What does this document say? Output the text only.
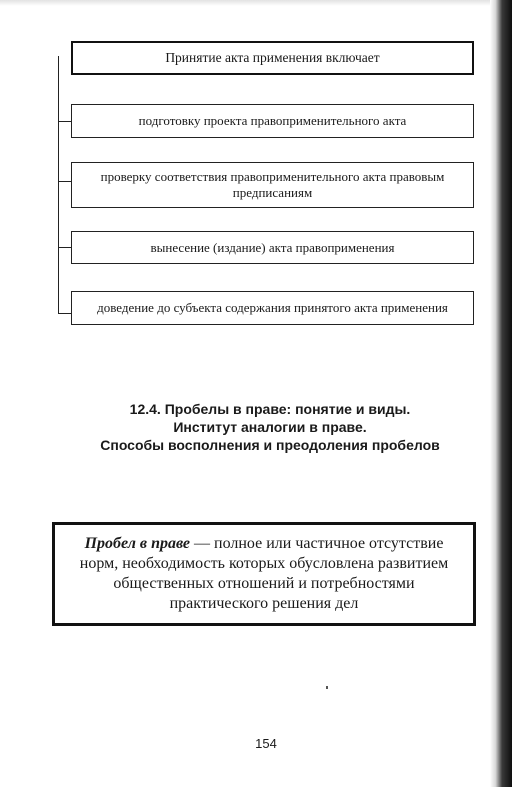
Принятие акта применения включает
подготовку проекта правоприменительного акта
проверку соответствия правоприменительного акта правовым предписаниям
вынесение (издание) акта правоприменения
доведение до субъекта содержания принятого акта применения
12.4. Пробелы в праве: понятие и виды.
Институт аналогии в праве.
Способы восполнения и преодоления пробелов

Пробел в праве — полное или частичное отсутствие норм, необходимость которых обусловлена развитием общественных отношений и потребностями практического решения дел

154
